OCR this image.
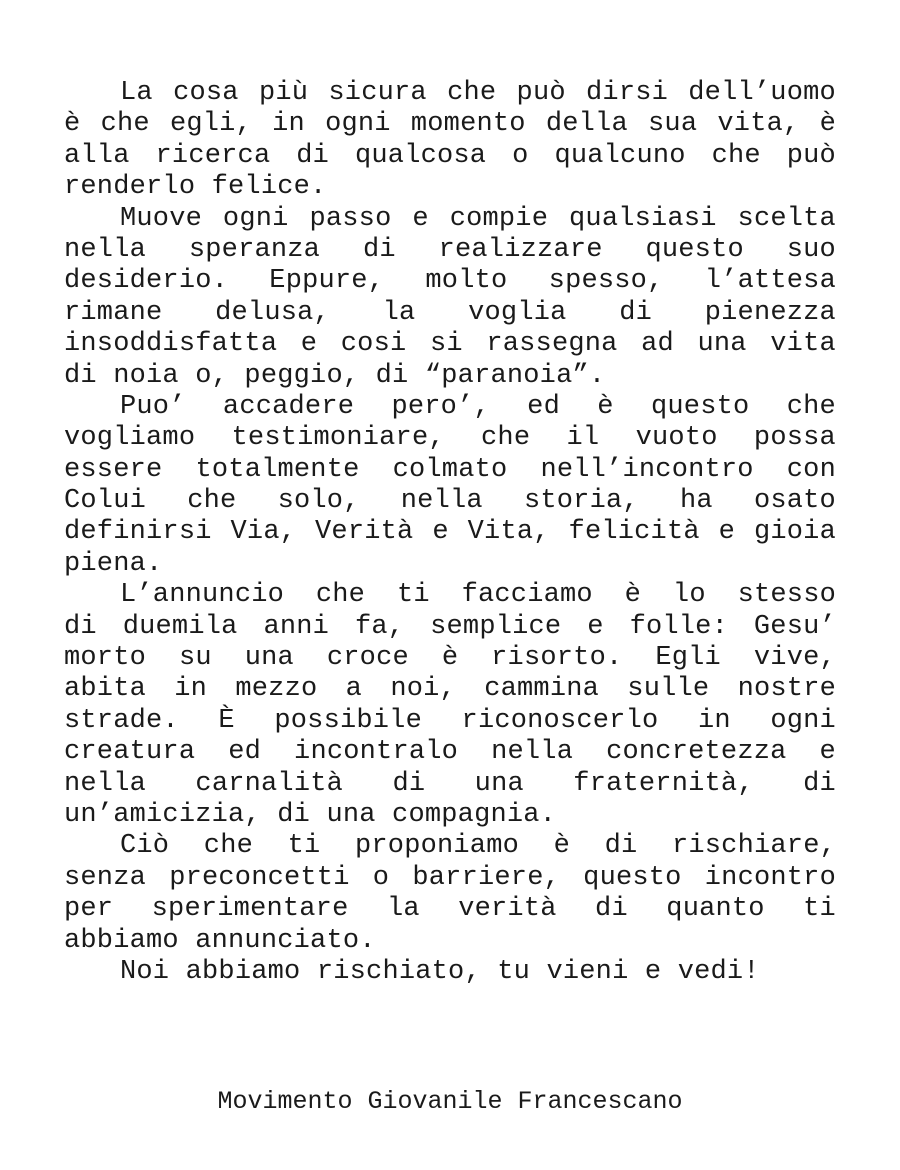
La cosa più sicura che può dirsi dell’uomo
è che egli, in ogni momento della sua vita, è
alla ricerca di qualcosa o qualcuno che può
renderlo felice.
Muove ogni passo e compie qualsiasi scelta
nella speranza di realizzare questo suo
desiderio. Eppure, molto spesso, l’attesa
rimane delusa, la voglia di pienezza
insoddisfatta e cosi si rassegna ad una vita
di noia o, peggio, di “paranoia”.
Puo’ accadere pero’, ed è questo che
vogliamo testimoniare, che il vuoto possa
essere totalmente colmato nell’incontro con
Colui che solo, nella storia, ha osato
definirsi Via, Verità e Vita, felicità e gioia
piena.
L’annuncio che ti facciamo è lo stesso
di duemila anni fa, semplice e folle: Gesu’
morto su una croce è risorto. Egli vive,
abita in mezzo a noi, cammina sulle nostre
strade. È possibile riconoscerlo in ogni
creatura ed incontralo nella concretezza e
nella carnalità di una fraternità, di
un’amicizia, di una compagnia.
Ciò che ti proponiamo è di rischiare,
senza preconcetti o barriere, questo incontro
per sperimentare la verità di quanto ti
abbiamo annunciato.
Noi abbiamo rischiato, tu vieni e vedi!
Movimento Giovanile Francescano
